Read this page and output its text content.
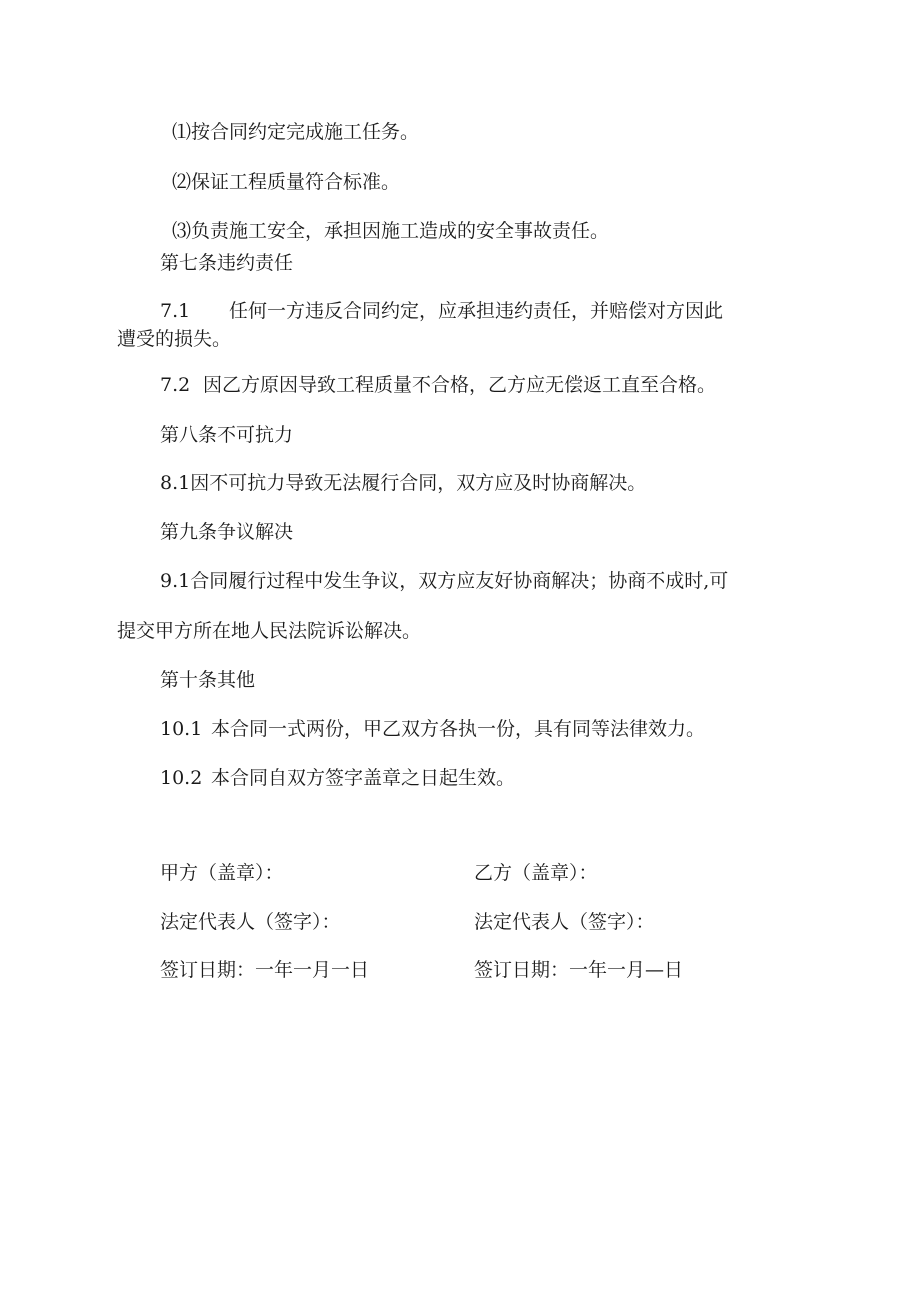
⑴按合同约定完成施工任务。
⑵保证工程质量符合标准。
⑶负责施工安全，承担因施工造成的安全事故责任。
第七条违约责任
7.1 任何一方违反合同约定，应承担违约责任，并赔偿对方因此
遭受的损失。
7.2 因乙方原因导致工程质量不合格，乙方应无偿返工直至合格。
第八条不可抗力
8.1因不可抗力导致无法履行合同，双方应及时协商解决。
第九条争议解决
9.1合同履行过程中发生争议，双方应友好协商解决；协商不成时,可
提交甲方所在地人民法院诉讼解决。
第十条其他
10.1 本合同一式两份，甲乙双方各执一份，具有同等法律效力。
10.2 本合同自双方签字盖章之日起生效。
甲方（盖章）：	乙方（盖章）：
法定代表人（签字）：	法定代表人（签字）：
签订日期：一年一月一日	签订日期：一年一月—日
